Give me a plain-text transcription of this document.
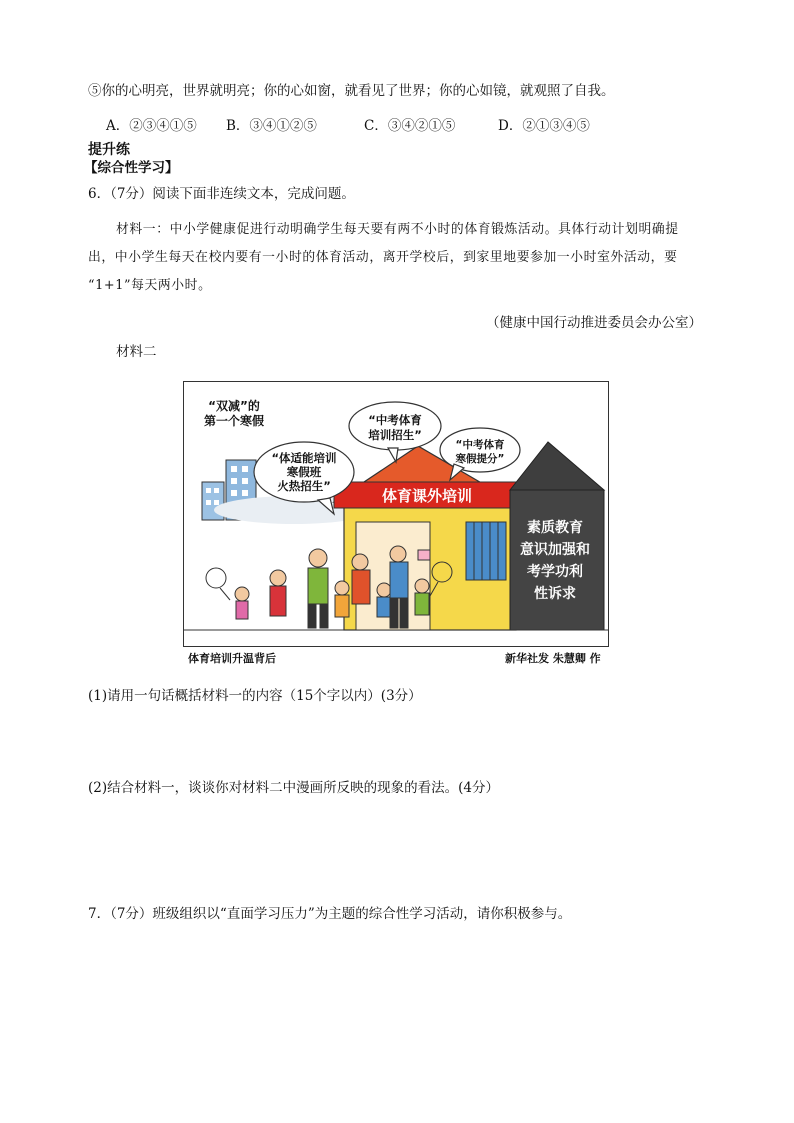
⑤你的心明亮，世界就明亮；你的心如窗，就看见了世界；你的心如镜，就观照了自我。
A．②③④①⑤ B．③④①②⑤	C．③④②①⑤	D．②①③④⑤
提升练
【综合性学习】
6．（7分）阅读下面非连续文本，完成问题。
材料一：中小学健康促进行动明确学生每天要有两不小时的体育锻炼活动。具体行动计划明确提
出，中小学生每天在校内要有一小时的体育活动，离开学校后，到家里地要参加一小时室外活动，要
“1+1”每天两小时。
（健康中国行动推进委员会办公室）
材料二
体育课外培训
素质教育
意识加强和
考学功利
性诉求
“双减”的
第一个寒假	“中考体育
培训招生”
“体适能培训
寒假班
火热招生”
“中考体育
寒假提分”
体育培训升温背后	新华社发 朱慧卿 作
(1)请用一句话概括材料一的内容（15个字以内）(3分）
(2)结合材料一，谈谈你对材料二中漫画所反映的现象的看法。(4分）
7．（7分）班级组织以“直面学习压力”为主题的综合性学习活动，请你积极参与。
